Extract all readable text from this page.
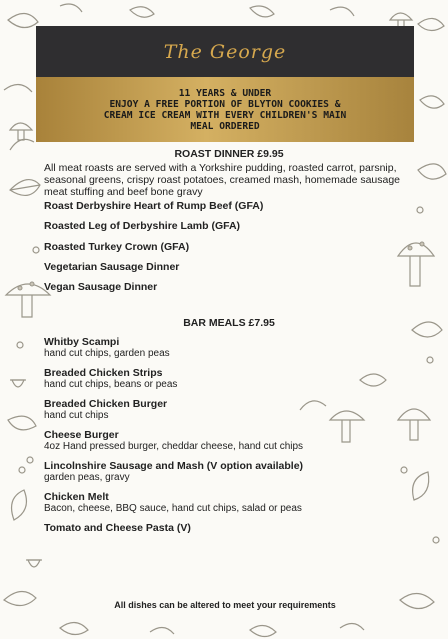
The George
11 YEARS & UNDER
ENJOY A FREE PORTION OF BLYTON COOKIES &
CREAM ICE CREAM WITH EVERY CHILDREN'S MAIN
MEAL ORDERED
ROAST DINNER £9.95
All meat roasts are served with a Yorkshire pudding, roasted carrot, parsnip, seasonal greens, crispy roast potatoes, creamed mash, homemade sausage meat stuffing and beef bone gravy
Roast Derbyshire Heart of Rump Beef (GFA)
Roasted Leg of Derbyshire Lamb (GFA)
Roasted Turkey Crown (GFA)
Vegetarian Sausage Dinner
Vegan Sausage Dinner
BAR MEALS £7.95
Whitby Scampi
hand cut chips, garden peas
Breaded Chicken Strips
hand cut chips, beans or peas
Breaded Chicken Burger
hand cut chips
Cheese Burger
4oz Hand pressed burger, cheddar cheese, hand cut chips
Lincolnshire Sausage and Mash (V option available)
garden peas, gravy
Chicken Melt
Bacon, cheese, BBQ sauce, hand cut chips, salad or peas
Tomato and Cheese Pasta (V)
All dishes can be altered to meet your requirements
